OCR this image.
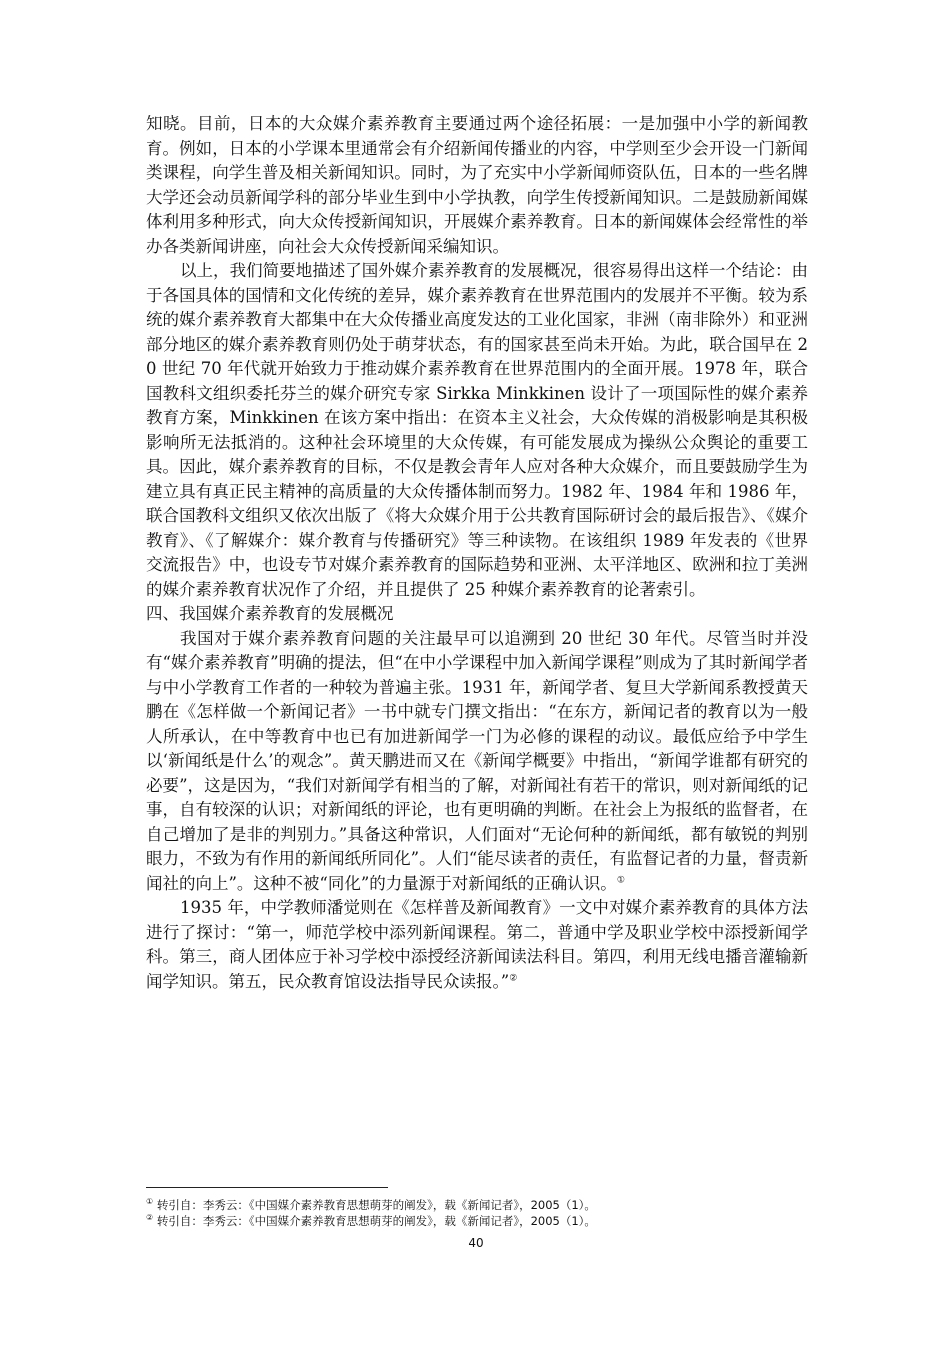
知晓。目前，日本的大众媒介素养教育主要通过两个途径拓展：一是加强中小学的新闻教育。例如，日本的小学课本里通常会有介绍新闻传播业的内容，中学则至少会开设一门新闻类课程，向学生普及相关新闻知识。同时，为了充实中小学新闻师资队伍，日本的一些名牌大学还会动员新闻学科的部分毕业生到中小学执教，向学生传授新闻知识。二是鼓励新闻媒体利用多种形式，向大众传授新闻知识，开展媒介素养教育。日本的新闻媒体会经常性的举办各类新闻讲座，向社会大众传授新闻采编知识。

以上，我们简要地描述了国外媒介素养教育的发展概况，很容易得出这样一个结论：由于各国具体的国情和文化传统的差异，媒介素养教育在世界范围内的发展并不平衡。较为系统的媒介素养教育大都集中在大众传播业高度发达的工业化国家，非洲（南非除外）和亚洲部分地区的媒介素养教育则仍处于萌芽状态，有的国家甚至尚未开始。为此，联合国早在 20 世纪 70 年代就开始致力于推动媒介素养教育在世界范围内的全面开展。1978 年，联合国教科文组织委托芬兰的媒介研究专家 Sirkka Minkkinen 设计了一项国际性的媒介素养教育方案，Minkkinen 在该方案中指出：在资本主义社会，大众传媒的消极影响是其积极影响所无法抵消的。这种社会环境里的大众传媒，有可能发展成为操纵公众舆论的重要工具。因此，媒介素养教育的目标，不仅是教会青年人应对各种大众媒介，而且要鼓励学生为建立具有真正民主精神的高质量的大众传播体制而努力。1982 年、1984 年和 1986 年，联合国教科文组织又依次出版了《将大众媒介用于公共教育国际研讨会的最后报告》、《媒介教育》、《了解媒介：媒介教育与传播研究》等三种读物。在该组织 1989 年发表的《世界交流报告》中，也设专节对媒介素养教育的国际趋势和亚洲、太平洋地区、欧洲和拉丁美洲的媒介素养教育状况作了介绍，并且提供了 25 种媒介素养教育的论著索引。

四、我国媒介素养教育的发展概况

我国对于媒介素养教育问题的关注最早可以追溯到 20 世纪 30 年代。尽管当时并没有“媒介素养教育”明确的提法，但“在中小学课程中加入新闻学课程”则成为了其时新闻学者与中小学教育工作者的一种较为普遍主张。1931 年，新闻学者、复旦大学新闻系教授黄天鹏在《怎样做一个新闻记者》一书中就专门撰文指出：“在东方，新闻记者的教育以为一般人所承认，在中等教育中也已有加进新闻学一门为必修的课程的动议。最低应给予中学生以‘新闻纸是什么’的观念”。黄天鹏进而又在《新闻学概要》中指出，“新闻学谁都有研究的必要”，这是因为，“我们对新闻学有相当的了解，对新闻社有若干的常识，则对新闻纸的记事，自有较深的认识；对新闻纸的评论，也有更明确的判断。在社会上为报纸的监督者，在自己增加了是非的判别力。”具备这种常识，人们面对“无论何种的新闻纸，都有敏锐的判别眼力，不致为有作用的新闻纸所同化”。人们“能尽读者的责任，有监督记者的力量，督责新闻社的向上”。这种不被“同化”的力量源于对新闻纸的正确认识。①

1935 年，中学教师潘觉则在《怎样普及新闻教育》一文中对媒介素养教育的具体方法进行了探讨：“第一，师范学校中添列新闻课程。第二，普通中学及职业学校中添授新闻学科。第三，商人团体应于补习学校中添授经济新闻读法科目。第四，利用无线电播音灌输新闻学知识。第五，民众教育馆设法指导民众读报。”②

① 转引自：李秀云：《中国媒介素养教育思想萌芽的阐发》，载《新闻记者》，2005（1）。

② 转引自：李秀云：《中国媒介素养教育思想萌芽的阐发》，载《新闻记者》，2005（1）。

40
